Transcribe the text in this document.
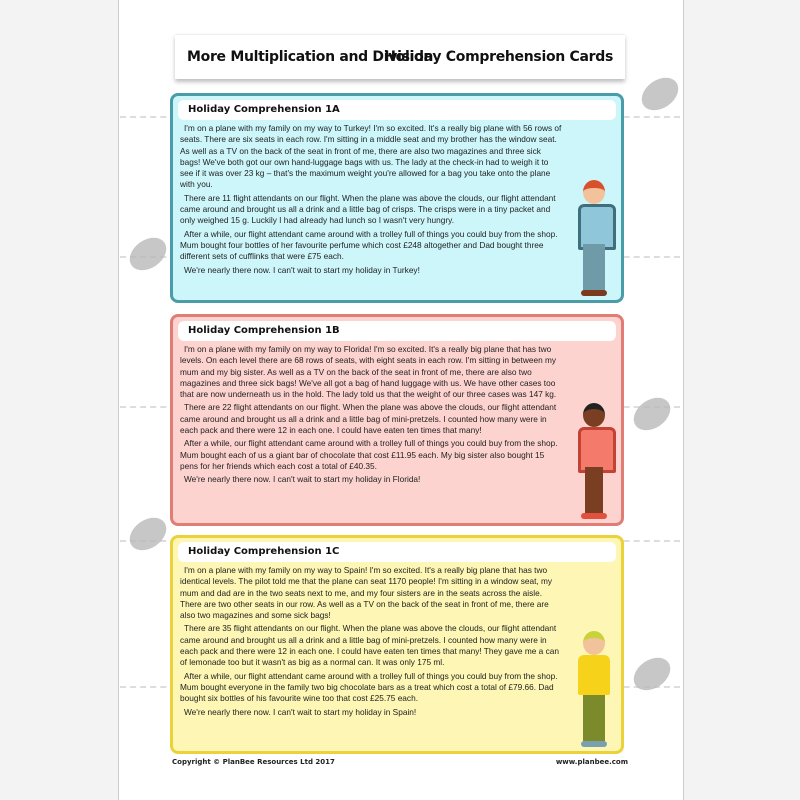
More Multiplication and Division
Holiday Comprehension Cards
Holiday Comprehension 1A

I'm on a plane with my family on my way to Turkey! I'm so excited. It's a really big plane with 56 rows of seats. There are six seats in each row. I'm sitting in a middle seat and my brother has the window seat. As well as a TV on the back of the seat in front of me, there are also two magazines and three sick bags! We've both got our own hand-luggage bags with us. The lady at the check-in had to weigh it to see if it was over 23 kg – that's the maximum weight you're allowed for a bag you take onto the plane with you.

There are 11 flight attendants on our flight. When the plane was above the clouds, our flight attendant came around and brought us all a drink and a little bag of crisps. The crisps were in a tiny packet and only weighed 15 g. Luckily I had already had lunch so I wasn't very hungry.

After a while, our flight attendant came around with a trolley full of things you could buy from the shop. Mum bought four bottles of her favourite perfume which cost £248 altogether and Dad bought three different sets of cufflinks that were £75 each.

We're nearly there now. I can't wait to start my holiday in Turkey!

Holiday Comprehension 1B

I'm on a plane with my family on my way to Florida! I'm so excited. It's a really big plane that has two levels. On each level there are 68 rows of seats, with eight seats in each row. I'm sitting in between my mum and my big sister. As well as a TV on the back of the seat in front of me, there are also two magazines and three sick bags! We've all got a bag of hand luggage with us. We have other cases too that are now underneath us in the hold. The lady told us that the weight of our three cases was 147 kg.

There are 22 flight attendants on our flight. When the plane was above the clouds, our flight attendant came around and brought us all a drink and a little bag of mini-pretzels. I counted how many were in each pack and there were 12 in each one. I could have eaten ten times that many!

After a while, our flight attendant came around with a trolley full of things you could buy from the shop. Mum bought each of us a giant bar of chocolate that cost £11.95 each. My big sister also bought 15 pens for her friends which each cost a total of £40.35.

We're nearly there now. I can't wait to start my holiday in Florida!

Holiday Comprehension 1C

I'm on a plane with my family on my way to Spain! I'm so excited. It's a really big plane that has two identical levels. The pilot told me that the plane can seat 1170 people! I'm sitting in a window seat, my mum and dad are in the two seats next to me, and my four sisters are in the seats across the aisle. There are two other seats in our row. As well as a TV on the back of the seat in front of me, there are also two magazines and some sick bags!

There are 35 flight attendants on our flight. When the plane was above the clouds, our flight attendant came around and brought us all a drink and a little bag of mini-pretzels. I counted how many were in each pack and there were 12 in each one. I could have eaten ten times that many! They gave me a can of lemonade too but it wasn't as big as a normal can. It was only 175 ml.

After a while, our flight attendant came around with a trolley full of things you could buy from the shop. Mum bought everyone in the family two big chocolate bars as a treat which cost a total of £79.66. Dad bought six bottles of his favourite wine too that cost £25.75 each.

We're nearly there now. I can't wait to start my holiday in Spain!

Copyright © PlanBee Resources Ltd 2017	www.planbee.com
